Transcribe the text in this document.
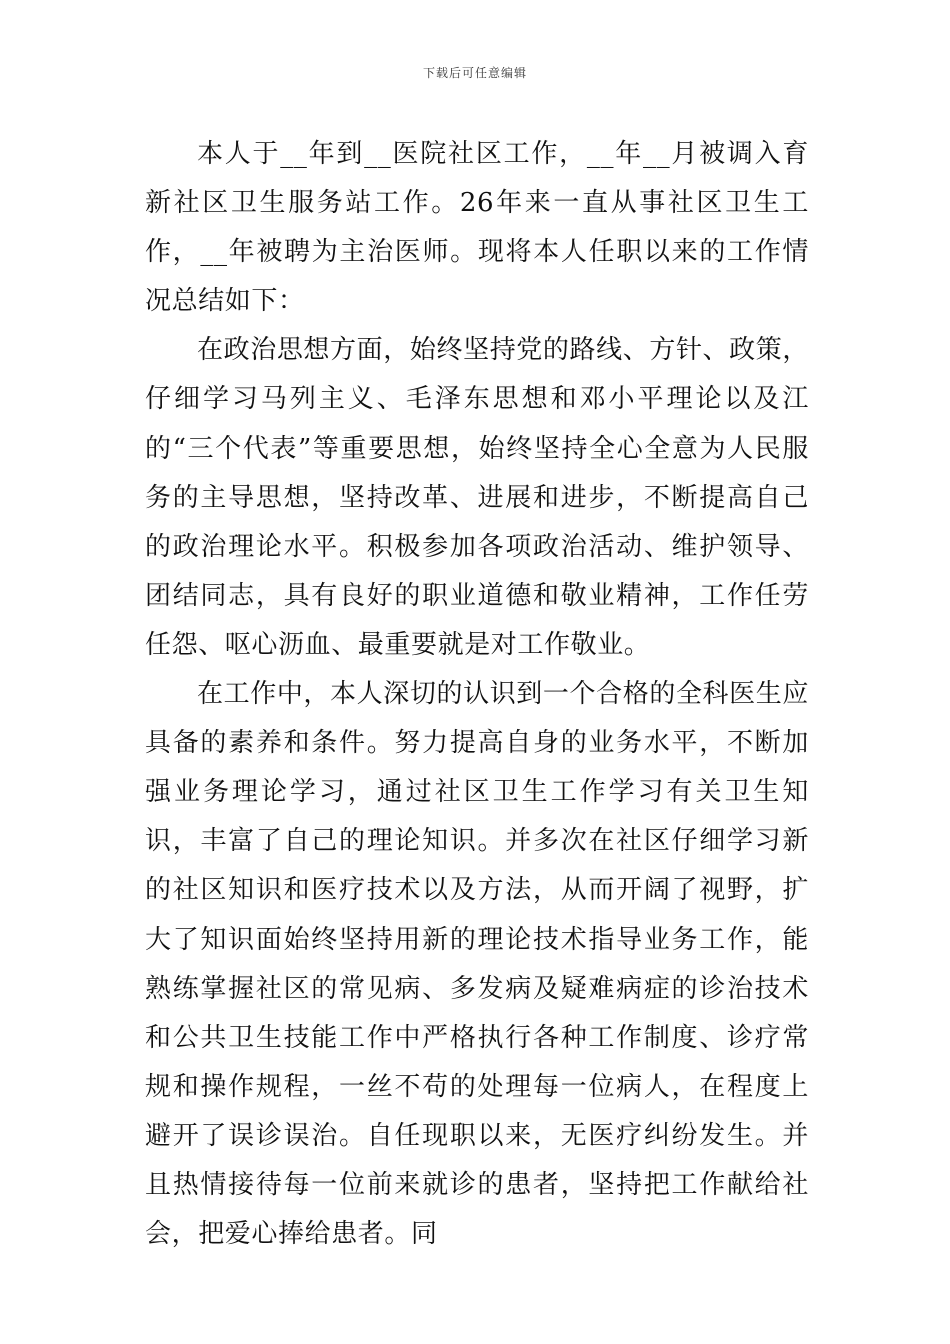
下载后可任意编辑

本人于__年到__医院社区工作，__年__月被调入育新社区卫生服务站工作。26年来一直从事社区卫生工作，__年被聘为主治医师。现将本人任职以来的工作情况总结如下：

在政治思想方面，始终坚持党的路线、方针、政策，仔细学习马列主义、毛泽东思想和邓小平理论以及江的“三个代表”等重要思想，始终坚持全心全意为人民服务的主导思想，坚持改革、进展和进步，不断提高自己的政治理论水平。积极参加各项政治活动、维护领导、团结同志，具有良好的职业道德和敬业精神，工作任劳任怨、呕心沥血、最重要就是对工作敬业。

在工作中，本人深切的认识到一个合格的全科医生应具备的素养和条件。努力提高自身的业务水平，不断加强业务理论学习，通过社区卫生工作学习有关卫生知识，丰富了自己的理论知识。并多次在社区仔细学习新的社区知识和医疗技术以及方法，从而开阔了视野，扩大了知识面始终坚持用新的理论技术指导业务工作，能熟练掌握社区的常见病、多发病及疑难病症的诊治技术和公共卫生技能工作中严格执行各种工作制度、诊疗常规和操作规程，一丝不苟的处理每一位病人，在程度上避开了误诊误治。自任现职以来，无医疗纠纷发生。并且热情接待每一位前来就诊的患者，坚持把工作献给社会，把爱心捧给患者。同
